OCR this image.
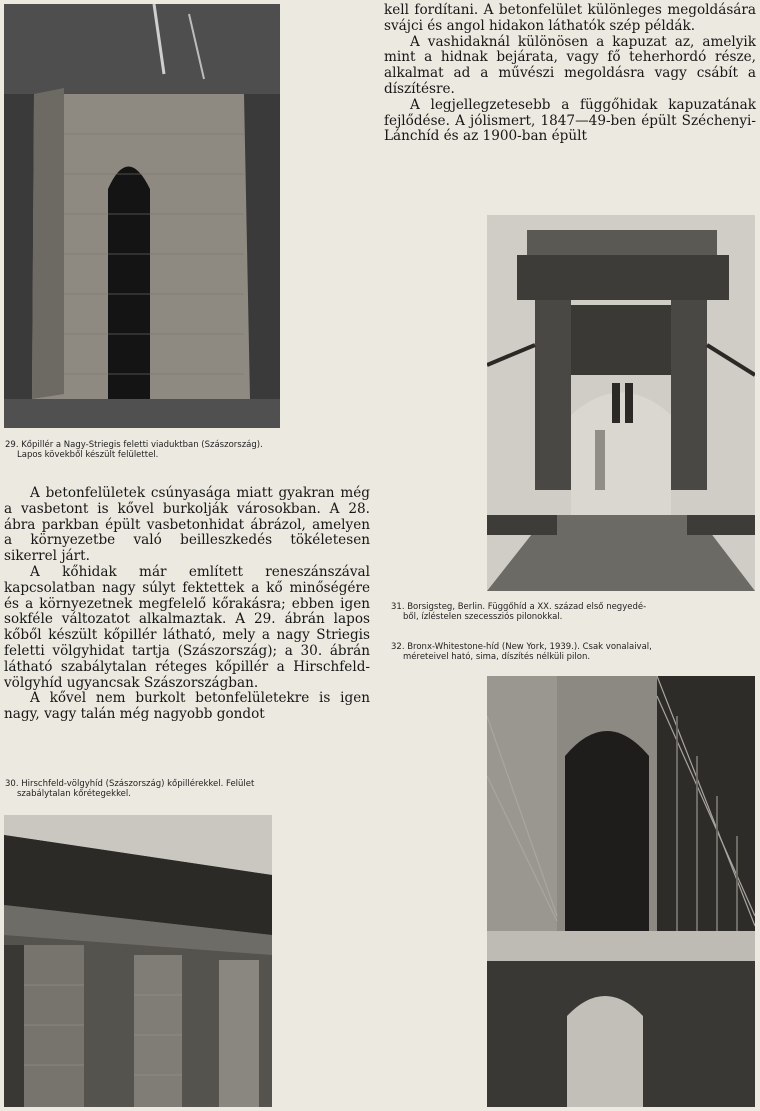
29. Kőpillér a Nagy-Striegis feletti viaduktban (Szászország).

Lapos kövekből készült felülettel.

kell fordítani. A betonfelület különleges megoldására svájci és angol hidakon láthatók szép példák.

A vashidaknál különösen a kapuzat az, amelyik mint a hidnak bejárata, vagy fő teherhordó része, alkalmat ad a művészi megoldásra vagy csábít a díszítésre.

A legjellegzetesebb a függőhidak kapuzatának fejlődése. A jólismert, 1847—49-ben épült Széchenyi-Lánchíd és az 1900-ban épült

31. Borsigsteg, Berlin. Függőhíd a XX. század első negyedé-

ből, ízléstelen szecessziós pilonokkal.

32. Bronx-Whitestone-híd (New York, 1939.). Csak vonalaival,

méreteivel ható, sima, díszítés nélküli pilon.

A betonfelületek csúnyasága miatt gyakran még a vasbetont is kővel burkolják városokban. A 28. ábra parkban épült vasbetonhidat ábrázol, amelyen a környezetbe való beilleszkedés tökéletesen sikerrel járt.

A kőhidak már említett reneszánszával kapcsolatban nagy súlyt fektettek a kő minőségére és a környezetnek megfelelő kőrakásra; ebben igen sokféle változatot alkalmaztak. A 29. ábrán lapos kőből készült kőpillér látható, mely a nagy Striegis feletti völgyhidat tartja (Szászország); a 30. ábrán látható szabálytalan réteges kőpillér a Hirschfeld-völgyhíd ugyancsak Szászországban.

A kővel nem burkolt betonfelületekre is igen nagy, vagy talán még nagyobb gondot

30. Hirschfeld-völgyhíd (Szászország) kőpillérekkel. Felület

szabálytalan kőrétegekkel.
